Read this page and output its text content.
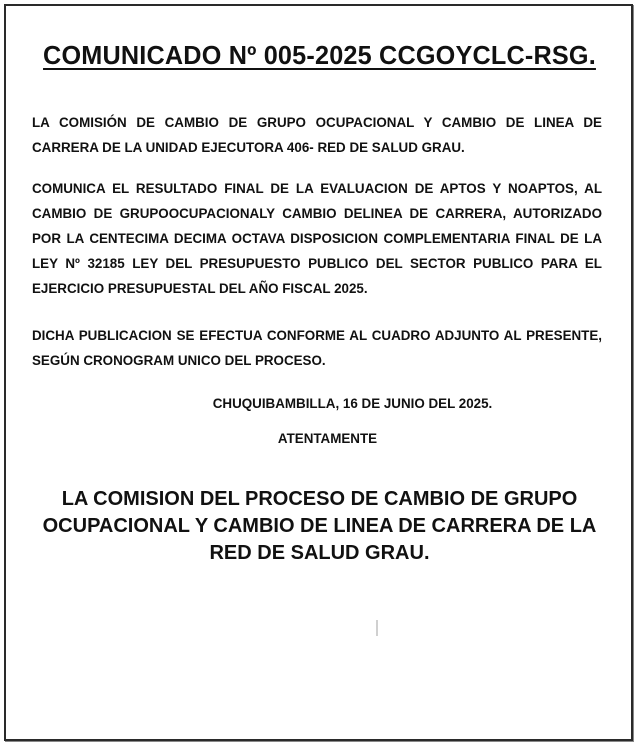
COMUNICADO Nº 005-2025 CCGOYCLC-RSG.
LA COMISIÓN DE CAMBIO DE GRUPO OCUPACIONAL Y CAMBIO DE LINEA DE CARRERA DE LA UNIDAD EJECUTORA 406- RED DE SALUD GRAU.
COMUNICA EL RESULTADO FINAL DE LA EVALUACION DE APTOS Y NOAPTOS, AL CAMBIO DE GRUPOOCUPACIONALY CAMBIO DELINEA DE CARRERA, AUTORIZADO POR LA CENTECIMA DECIMA OCTAVA DISPOSICION COMPLEMENTARIA FINAL DE LA LEY Nº 32185 LEY DEL PRESUPUESTO PUBLICO DEL SECTOR PUBLICO PARA EL EJERCICIO PRESUPUESTAL DEL AÑO FISCAL 2025.
DICHA PUBLICACION SE EFECTUA CONFORME AL CUADRO ADJUNTO AL PRESENTE, SEGÚN CRONOGRAM UNICO DEL PROCESO.
CHUQUIBAMBILLA, 16 DE JUNIO DEL 2025.
ATENTAMENTE
LA COMISION DEL PROCESO DE CAMBIO DE GRUPO OCUPACIONAL Y CAMBIO DE LINEA DE CARRERA DE LA RED DE SALUD GRAU.
